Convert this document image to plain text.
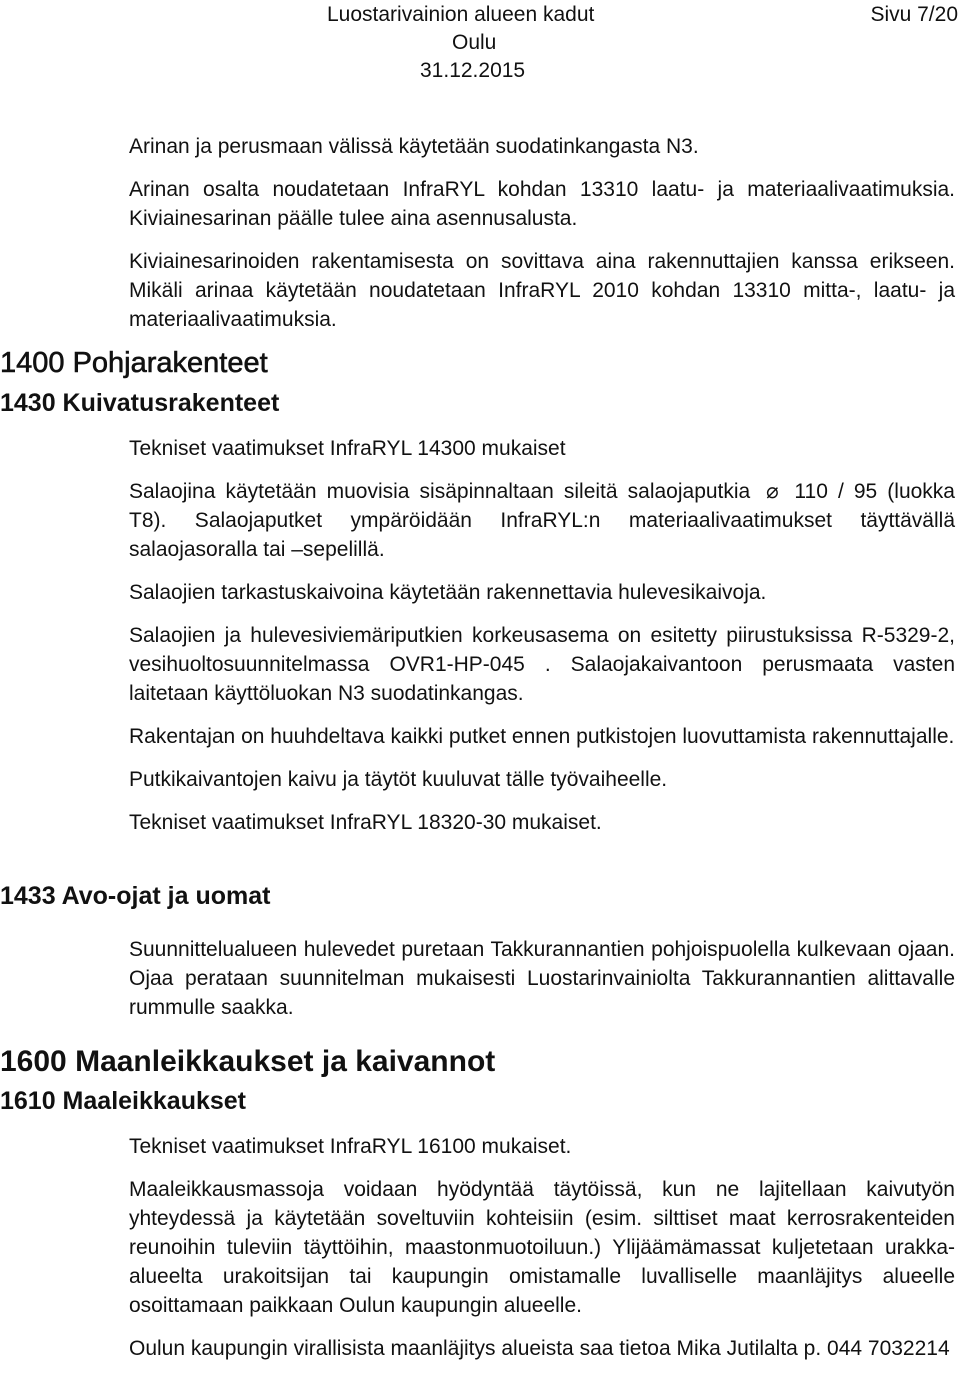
Luostarivainion alueen kadut	Sivu 7/20
Oulu
31.12.2015

Arinan ja perusmaan välissä käytetään suodatinkangasta N3.

Arinan osalta noudatetaan InfraRYL kohdan 13310 laatu- ja materiaalivaatimuksia. Kiviainesarinan päälle tulee aina asennusalusta.

Kiviainesarinoiden rakentamisesta on sovittava aina rakennuttajien kanssa erikseen. Mikäli arinaa käytetään noudatetaan InfraRYL 2010 kohdan 13310 mitta-, laatu- ja materiaalivaatimuksia.

1400 Pohjarakenteet
1430 Kuivatusrakenteet

Tekniset vaatimukset InfraRYL 14300 mukaiset

Salaojina käytetään muovisia sisäpinnaltaan sileitä salaojaputkia ⌀ 110 / 95 (luokka T8). Salaojaputket ympäröidään InfraRYL:n materiaalivaatimukset täyttävällä salaojasoralla tai –sepelillä.

Salaojien tarkastuskaivoina käytetään rakennettavia hulevesikaivoja.

Salaojien ja hulevesiviemäriputkien korkeusasema on esitetty piirustuksissa R-5329-2, vesihuoltosuunnitelmassa OVR1-HP-045 . Salaojakaivantoon perusmaata vasten laitetaan käyttöluokan N3 suodatinkangas.

Rakentajan on huuhdeltava kaikki putket ennen putkistojen luovuttamista rakennuttajalle.

Putkikaivantojen kaivu ja täytöt kuuluvat tälle työvaiheelle.

Tekniset vaatimukset InfraRYL 18320-30 mukaiset.

1433 Avo-ojat ja uomat

Suunnittelualueen hulevedet puretaan Takkurannantien pohjoispuolella kulkevaan ojaan. Ojaa perataan suunnitelman mukaisesti Luostarinvainiolta Takkurannantien alittavalle rummulle saakka.

1600 Maanleikkaukset ja kaivannot
1610 Maaleikkaukset

Tekniset vaatimukset InfraRYL 16100 mukaiset.

Maaleikkausmassoja voidaan hyödyntää täytöissä, kun ne lajitellaan kaivutyön yhteydessä ja käytetään soveltuviin kohteisiin (esim. silttiset maat kerrosrakenteiden reunoihin tuleviin täyttöihin, maastonmuotoiluun.) Ylijäämämassat kuljetetaan urakka-alueelta urakoitsijan tai kaupungin omistamalle luvalliselle maanläjitys alueelle osoittamaan paikkaan Oulun kaupungin alueelle.

Oulun kaupungin virallisista maanläjitys alueista saa tietoa Mika Jutilalta p. 044 7032214
